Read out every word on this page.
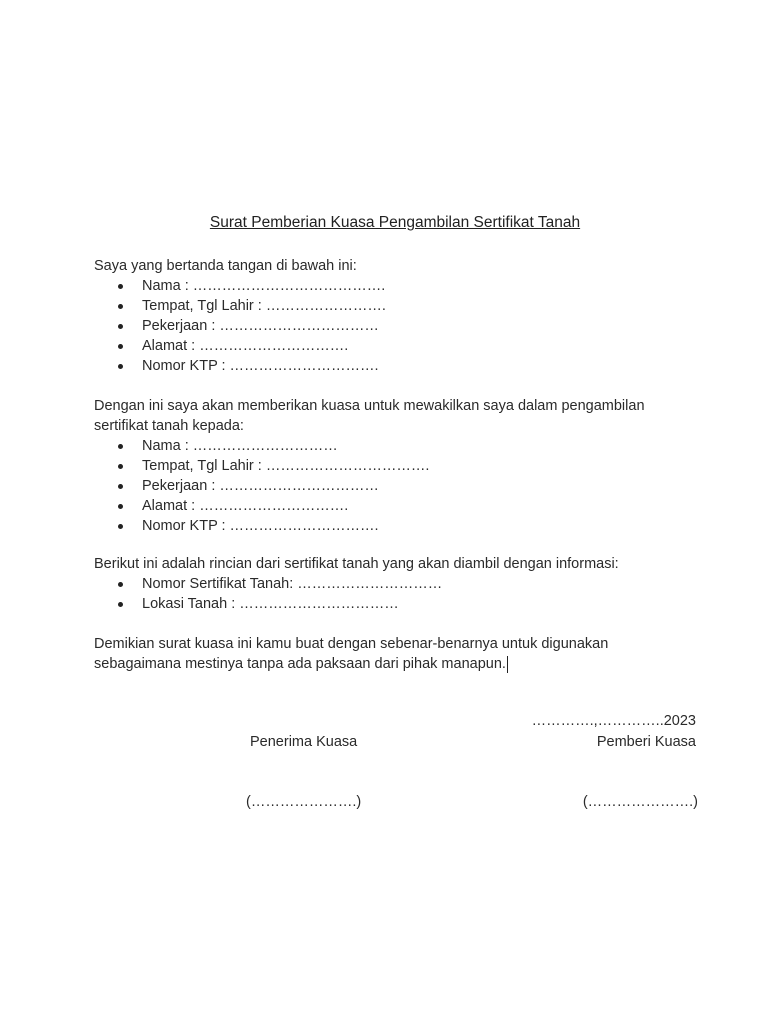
Surat Pemberian Kuasa Pengambilan Sertifikat Tanah

Saya yang bertanda tangan di bawah ini:

Nama : ………………………………….
Tempat, Tgl Lahir : …………………….
Pekerjaan : ……………………………
Alamat : ………………………….
Nomor KTP : ………………………….

Dengan ini saya akan memberikan kuasa untuk mewakilkan saya dalam pengambilan sertifikat tanah kepada:

Nama : …………………………
Tempat, Tgl Lahir : …………………………….
Pekerjaan : ……………………………
Alamat : ………………………….
Nomor KTP : ………………………….

Berikut ini adalah rincian dari sertifikat tanah yang akan diambil dengan informasi:

Nomor Sertifikat Tanah: …………………………
Lokasi Tanah : ……………………………

Demikian surat kuasa ini kamu buat dengan sebenar-benarnya untuk digunakan sebagaimana mestinya tanpa ada paksaan dari pihak manapun.

………….,…………..2023
Penerima Kuasa	Pemberi Kuasa
(………………….)	(………………….)
